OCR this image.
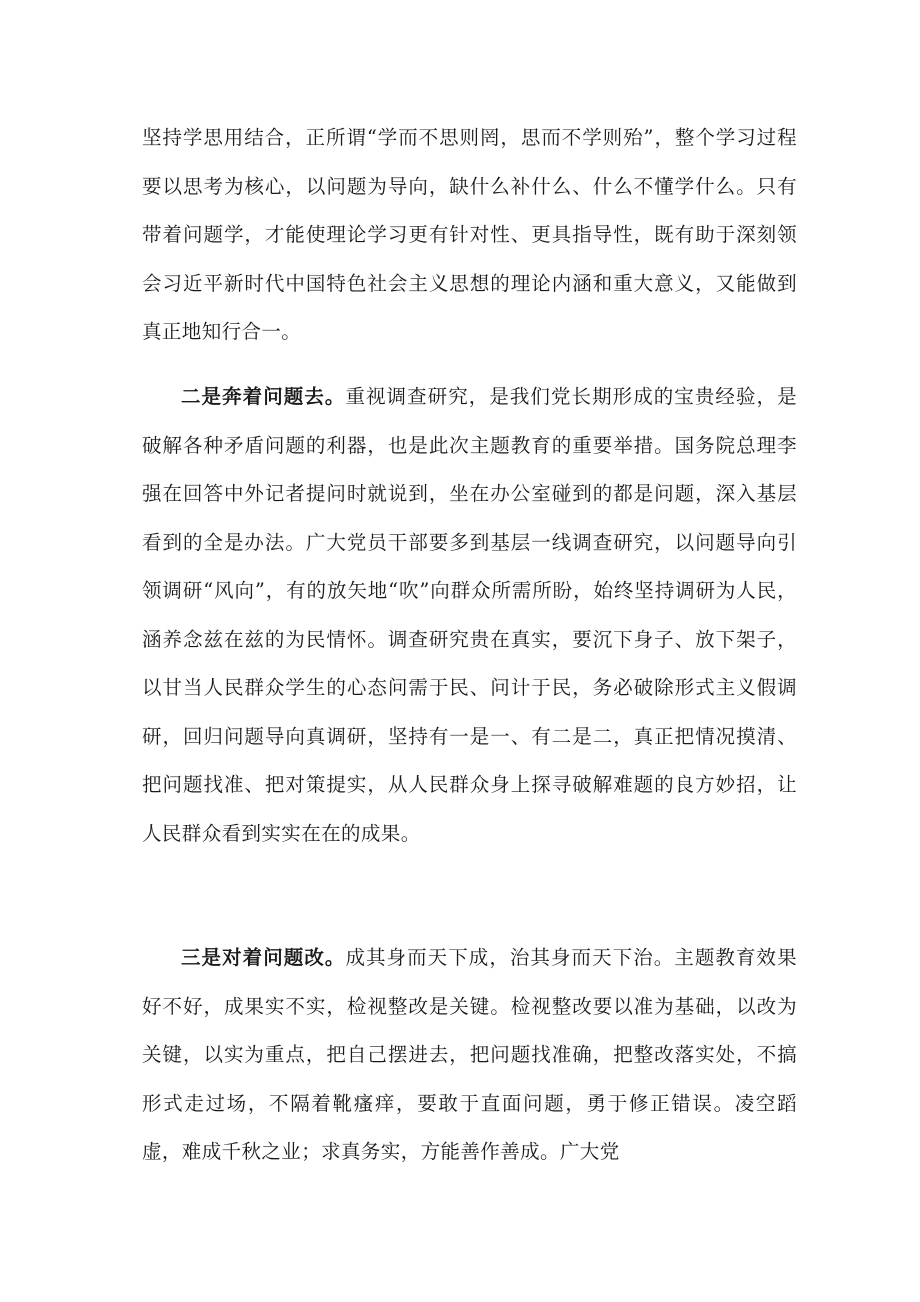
坚持学思用结合，正所谓“学而不思则罔，思而不学则殆”，整个学习过程要以思考为核心，以问题为导向，缺什么补什么、什么不懂学什么。只有带着问题学，才能使理论学习更有针对性、更具指导性，既有助于深刻领会习近平新时代中国特色社会主义思想的理论内涵和重大意义，又能做到真正地知行合一。

二是奔着问题去。重视调查研究，是我们党长期形成的宝贵经验，是破解各种矛盾问题的利器，也是此次主题教育的重要举措。国务院总理李强在回答中外记者提问时就说到，坐在办公室碰到的都是问题，深入基层看到的全是办法。广大党员干部要多到基层一线调查研究，以问题导向引领调研“风向”，有的放矢地“吹”向群众所需所盼，始终坚持调研为人民，涵养念兹在兹的为民情怀。调查研究贵在真实，要沉下身子、放下架子，以甘当人民群众学生的心态问需于民、问计于民，务必破除形式主义假调研，回归问题导向真调研，坚持有一是一、有二是二，真正把情况摸清、把问题找准、把对策提实，从人民群众身上探寻破解难题的良方妙招，让人民群众看到实实在在的成果。

三是对着问题改。成其身而天下成，治其身而天下治。主题教育效果好不好，成果实不实，检视整改是关键。检视整改要以准为基础，以改为关键，以实为重点，把自己摆进去，把问题找准确，把整改落实处，不搞形式走过场，不隔着靴瘙痒，要敢于直面问题，勇于修正错误。凌空蹈虚，难成千秋之业；求真务实，方能善作善成。广大党
